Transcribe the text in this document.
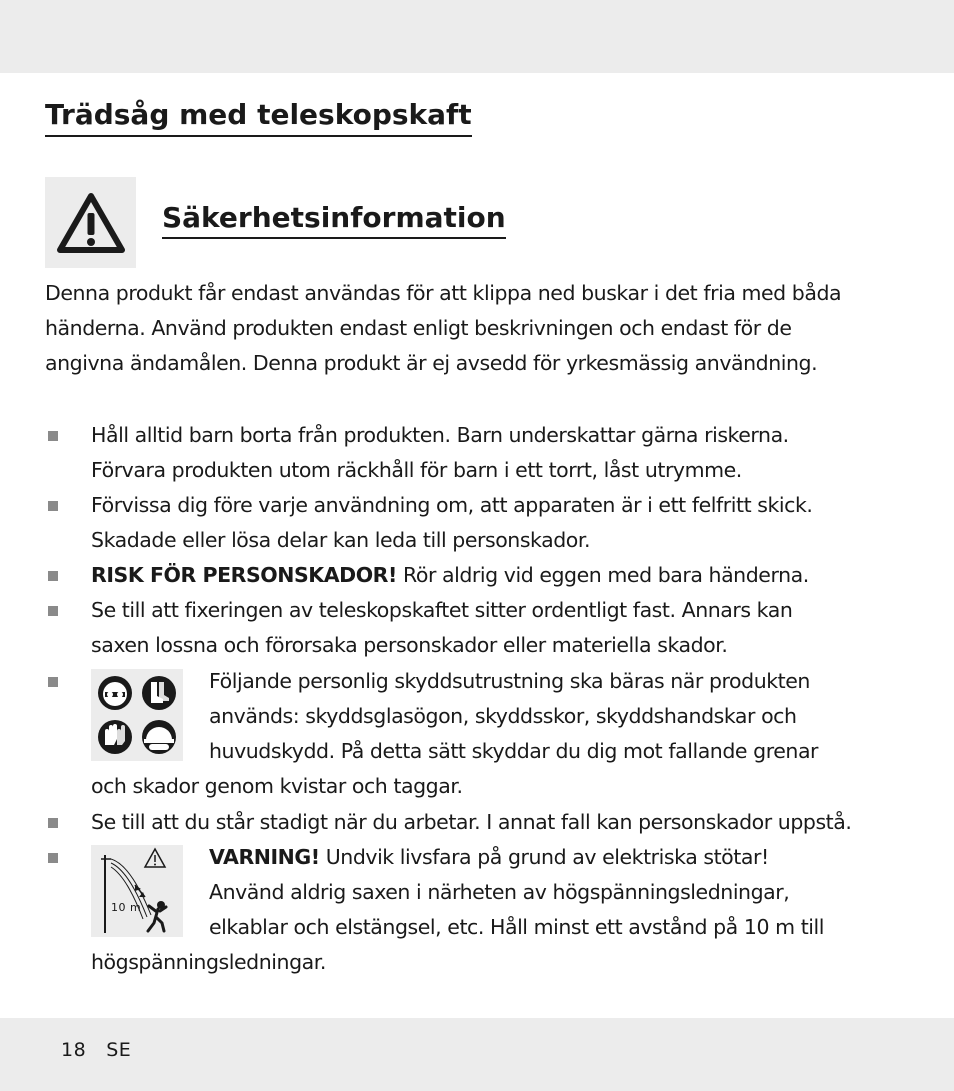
Trädsåg med teleskopskaft
Säkerhetsinformation
Denna produkt får endast användas för att klippa ned buskar i det fria med båda
händerna. Använd produkten endast enligt beskrivningen och endast för de
angivna ändamålen. Denna produkt är ej avsedd för yrkesmässig användning.
Håll alltid barn borta från produkten. Barn underskattar gärna riskerna.
Förvara produkten utom räckhåll för barn i ett torrt, låst utrymme.
Förvissa dig före varje användning om, att apparaten är i ett felfritt skick.
Skadade eller lösa delar kan leda till personskador.
RISK FÖR PERSONSKADOR! Rör aldrig vid eggen med bara händerna.
Se till att fixeringen av teleskopskaftet sitter ordentligt fast. Annars kan
saxen lossna och förorsaka personskador eller materiella skador.
Följande personlig skyddsutrustning ska bäras när produkten
används: skyddsglasögon, skyddsskor, skyddshandskar och
huvudskydd. På detta sätt skyddar du dig mot fallande grenar
och skador genom kvistar och taggar.
Se till att du står stadigt när du arbetar. I annat fall kan personskador uppstå.
VARNING! Undvik livsfara på grund av elektriska stötar!
Använd aldrig saxen i närheten av högspänningsledningar,
elkablar och elstängsel, etc. Håll minst ett avstånd på 10 m till
högspänningsledningar.
10 m
18 SE
